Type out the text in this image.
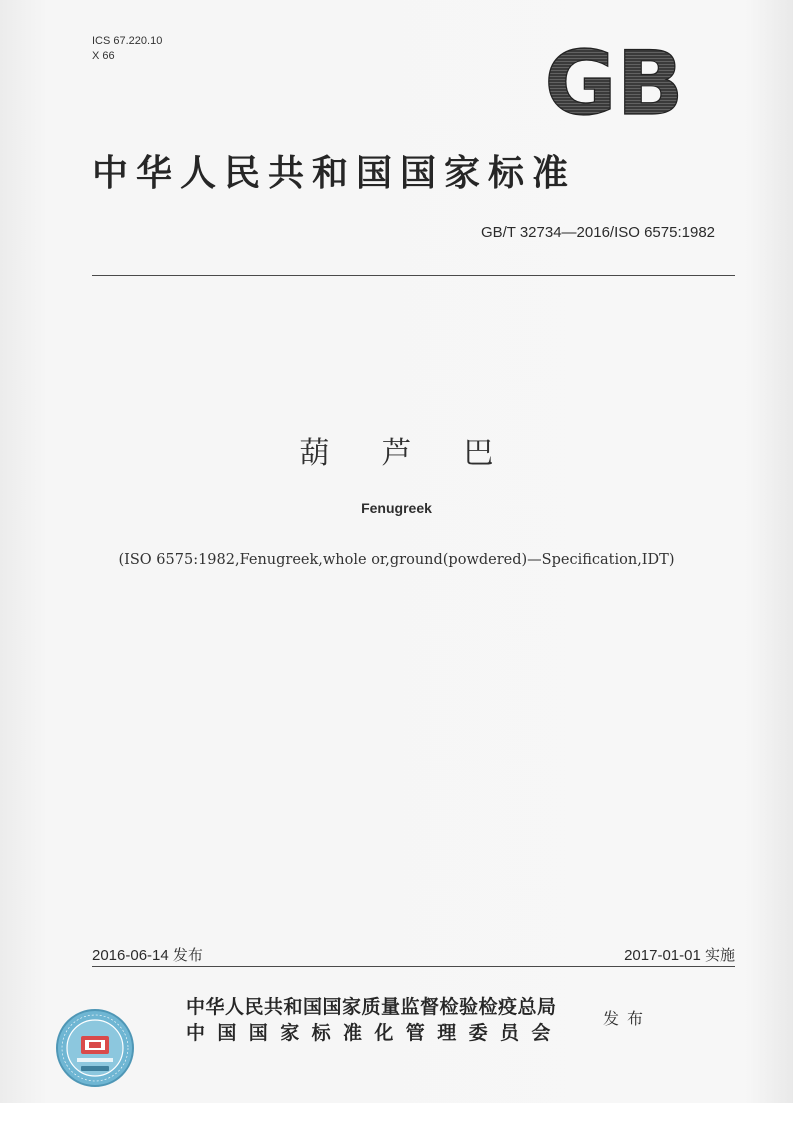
ICS 67.220.10
X 66	GB
中华人民共和国国家标准
GB/T 32734—2016/ISO 6575:1982
葫芦巴
Fenugreek
(ISO 6575:1982,Fenugreek,whole or,ground(powdered)—Specification,IDT)
2016-06-14 发布	2017-01-01 实施
中华人民共和国国家质量监督检验检疫总局
中国国家标准化管理委员会
发布
